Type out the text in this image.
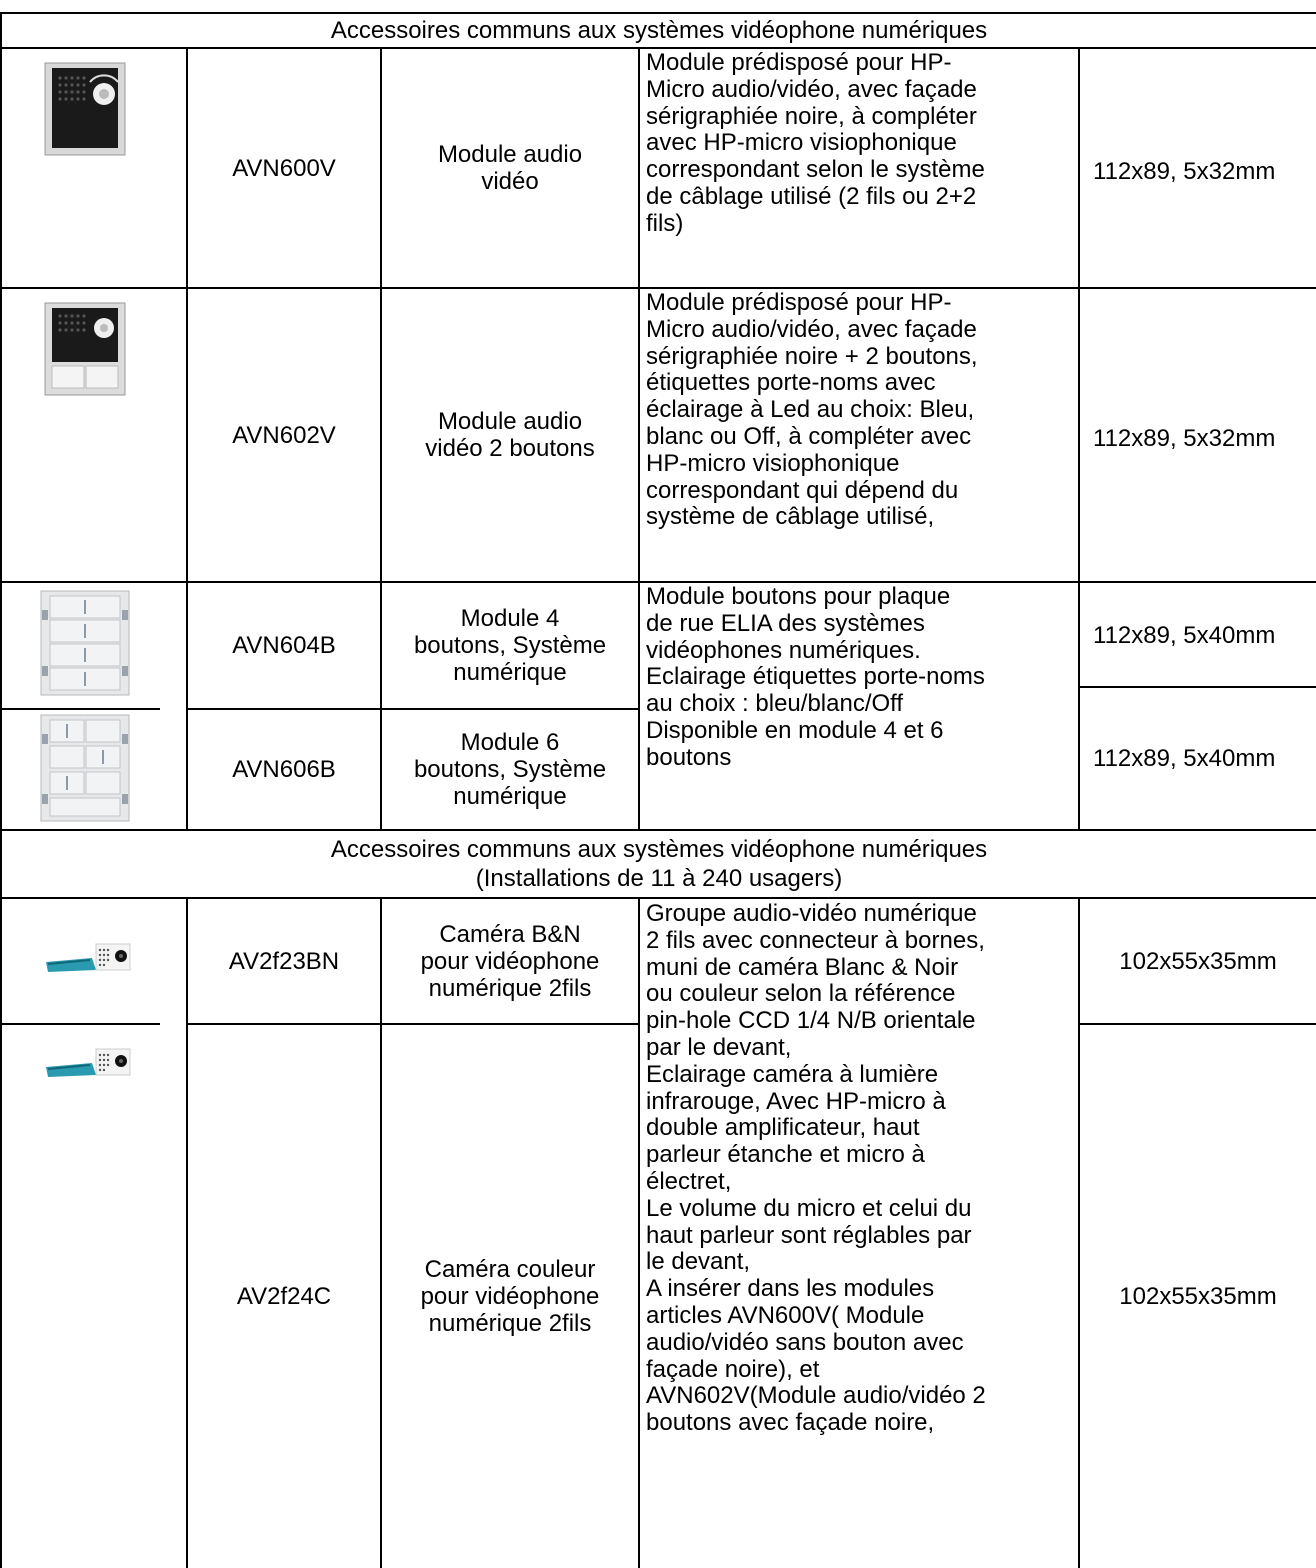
Accessoires communs aux systèmes vidéophone numériques
AVN600V	Module audio
vidéo
Module prédisposé pour HP-
Micro audio/vidéo, avec façade
sérigraphiée noire, à compléter
avec HP-micro visiophonique
correspondant selon le système
de câblage utilisé (2 fils ou 2+2
fils)
112x89, 5x32mm
AVN602V	Module audio
vidéo 2 boutons
Module prédisposé pour HP-
Micro audio/vidéo, avec façade
sérigraphiée noire + 2 boutons,
étiquettes porte-noms avec
éclairage à Led au choix: Bleu,
blanc ou Off, à compléter avec
HP-micro visiophonique
correspondant qui dépend du
système de câblage utilisé,
112x89, 5x32mm
AVN604B
Module 4
boutons, Système
numérique
112x89, 5x40mm
Module boutons pour plaque
de rue ELIA des systèmes
vidéophones numériques.
Eclairage étiquettes porte-noms
au choix : bleu/blanc/Off
Disponible en module 4 et 6
boutons
AVN606B
Module 6
boutons, Système
numérique
112x89, 5x40mm
Accessoires communs aux systèmes vidéophone numériques
(Installations de 11 à 240 usagers)
AV2f23BN
Caméra B&N
pour vidéophone
numérique 2fils
102x55x35mm
Groupe audio-vidéo numérique
2 fils avec connecteur à bornes,
muni de caméra Blanc & Noir
ou couleur selon la référence
pin-hole CCD 1/4 N/B orientale
par le devant,
Eclairage caméra à lumière
infrarouge, Avec HP-micro à
double amplificateur, haut
parleur étanche et micro à
électret,
Le volume du micro et celui du
haut parleur sont réglables par
le devant,
A insérer dans les modules
articles AVN600V( Module
audio/vidéo sans bouton avec
façade noire), et
AVN602V(Module audio/vidéo 2
boutons avec façade noire,
AV2f24C
Caméra couleur
pour vidéophone
numérique 2fils
102x55x35mm
